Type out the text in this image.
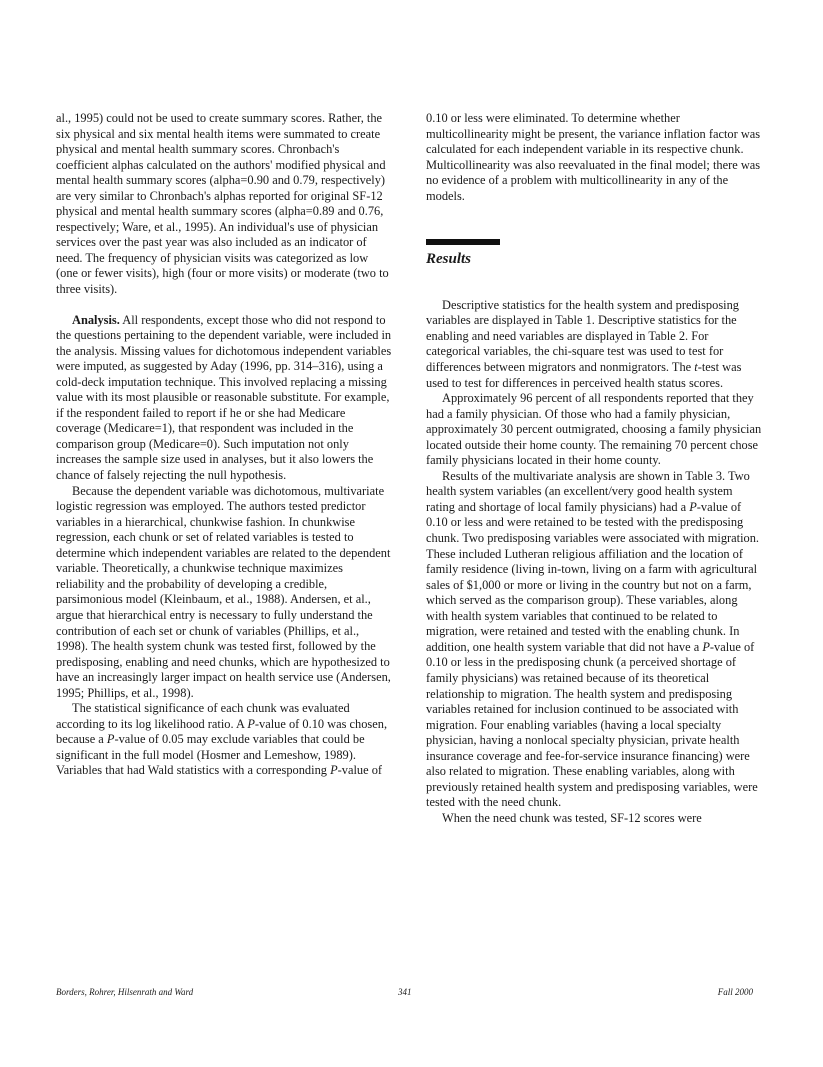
al., 1995) could not be used to create summary scores. Rather, the six physical and six mental health items were summated to create physical and mental health summary scores. Chronbach's coefficient alphas calculated on the authors' modified physical and mental health summary scores (alpha=0.90 and 0.79, respectively) are very similar to Chronbach's alphas reported for original SF-12 physical and mental health summary scores (alpha=0.89 and 0.76, respectively; Ware, et al., 1995). An individual's use of physician services over the past year was also included as an indicator of need. The frequency of physician visits was categorized as low (one or fewer visits), high (four or more visits) or moderate (two to three visits).

Analysis. All respondents, except those who did not respond to the questions pertaining to the dependent variable, were included in the analysis. Missing values for dichotomous independent variables were imputed, as suggested by Aday (1996, pp. 314–316), using a cold-deck imputation technique. This involved replacing a missing value with its most plausible or reasonable substitute. For example, if the respondent failed to report if he or she had Medicare coverage (Medicare=1), that respondent was included in the comparison group (Medicare=0). Such imputation not only increases the sample size used in analyses, but it also lowers the chance of falsely rejecting the null hypothesis.

Because the dependent variable was dichotomous, multivariate logistic regression was employed. The authors tested predictor variables in a hierarchical, chunkwise fashion. In chunkwise regression, each chunk or set of related variables is tested to determine which independent variables are related to the dependent variable. Theoretically, a chunkwise technique maximizes reliability and the probability of developing a credible, parsimonious model (Kleinbaum, et al., 1988). Andersen, et al., argue that hierarchical entry is necessary to fully understand the contribution of each set or chunk of variables (Phillips, et al., 1998). The health system chunk was tested first, followed by the predisposing, enabling and need chunks, which are hypothesized to have an increasingly larger impact on health service use (Andersen, 1995; Phillips, et al., 1998).

The statistical significance of each chunk was evaluated according to its log likelihood ratio. A P-value of 0.10 was chosen, because a P-value of 0.05 may exclude variables that could be significant in the full model (Hosmer and Lemeshow, 1989). Variables that had Wald statistics with a corresponding P-value of

0.10 or less were eliminated. To determine whether multicollinearity might be present, the variance inflation factor was calculated for each independent variable in its respective chunk. Multicollinearity was also reevaluated in the final model; there was no evidence of a problem with multicollinearity in any of the models.

Results

Descriptive statistics for the health system and predisposing variables are displayed in Table 1. Descriptive statistics for the enabling and need variables are displayed in Table 2. For categorical variables, the chi-square test was used to test for differences between migrators and nonmigrators. The t-test was used to test for differences in perceived health status scores.

Approximately 96 percent of all respondents reported that they had a family physician. Of those who had a family physician, approximately 30 percent outmigrated, choosing a family physician located outside their home county. The remaining 70 percent chose family physicians located in their home county.

Results of the multivariate analysis are shown in Table 3. Two health system variables (an excellent/very good health system rating and shortage of local family physicians) had a P-value of 0.10 or less and were retained to be tested with the predisposing chunk. Two predisposing variables were associated with migration. These included Lutheran religious affiliation and the location of family residence (living in-town, living on a farm with agricultural sales of $1,000 or more or living in the country but not on a farm, which served as the comparison group). These variables, along with health system variables that continued to be related to migration, were retained and tested with the enabling chunk. In addition, one health system variable that did not have a P-value of 0.10 or less in the predisposing chunk (a perceived shortage of family physicians) was retained because of its theoretical relationship to migration. The health system and predisposing variables retained for inclusion continued to be associated with migration. Four enabling variables (having a local specialty physician, having a nonlocal specialty physician, private health insurance coverage and fee-for-service insurance financing) were also related to migration. These enabling variables, along with previously retained health system and predisposing variables, were tested with the need chunk.

When the need chunk was tested, SF-12 scores were

Borders, Rohrer, Hilsenrath and Ward	341	Fall 2000
